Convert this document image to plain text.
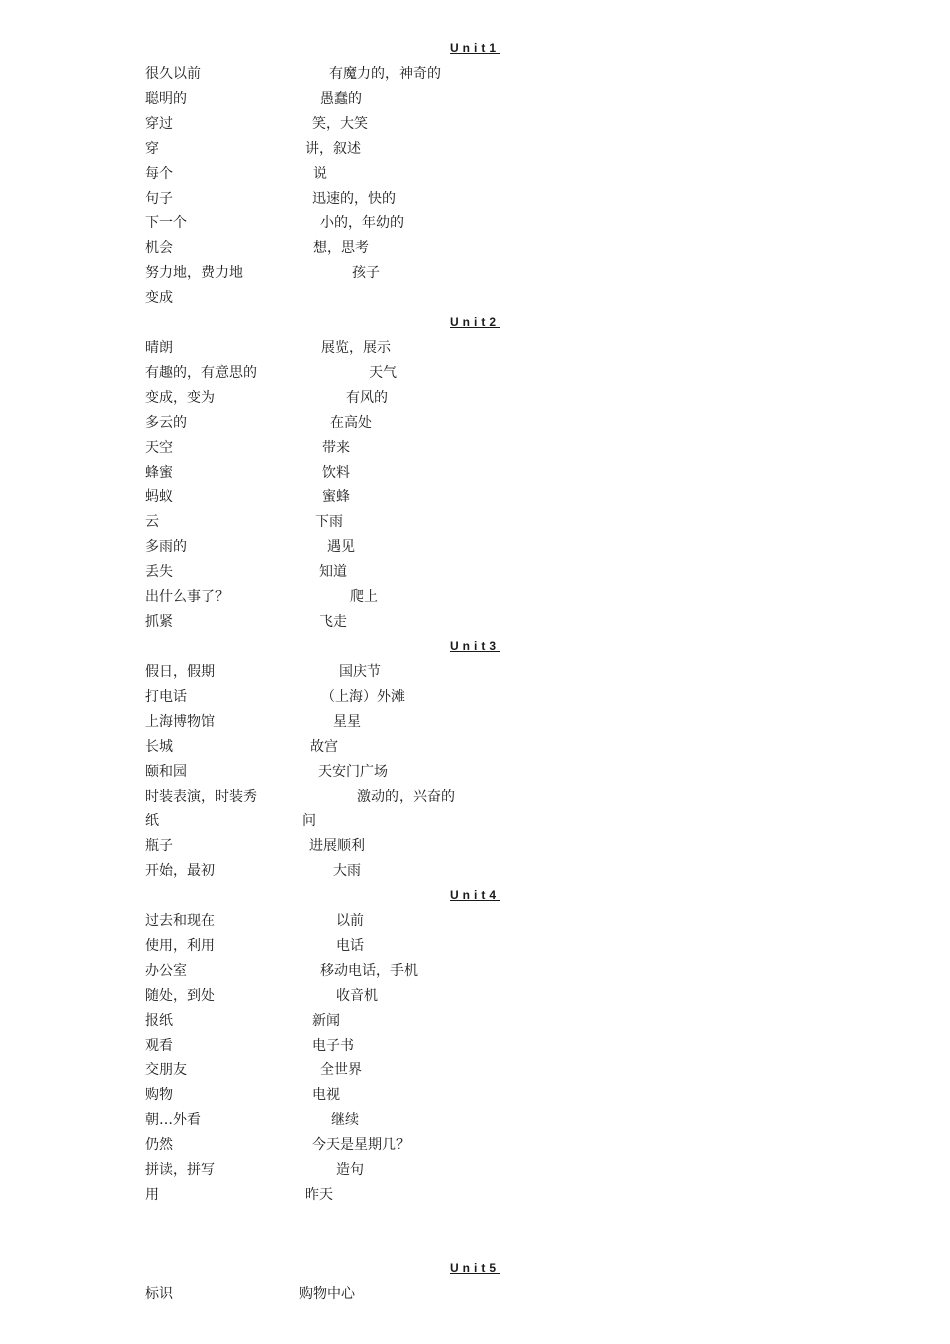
Unit1
很久以前	有魔力的，神奇的
聪明的	愚蠢的
穿过	笑，大笑
穿	讲，叙述
每个	说
句子	迅速的，快的
下一个	小的，年幼的
机会	想，思考
努力地，费力地	孩子
变成
Unit2
晴朗	展览，展示
有趣的，有意思的	天气
变成，变为	有风的
多云的	在高处
天空	带来
蜂蜜	饮料
蚂蚁	蜜蜂
云	下雨
多雨的	遇见
丢失	知道
出什么事了？	爬上
抓紧	飞走
Unit3
假日，假期	国庆节
打电话	（上海）外滩
上海博物馆	星星
长城	故宫
颐和园	天安门广场
时装表演，时装秀	激动的，兴奋的
纸	问
瓶子	进展顺利
开始，最初	大雨
Unit4
过去和现在	以前
使用，利用	电话
办公室	移动电话，手机
随处，到处	收音机
报纸	新闻
观看	电子书
交朋友	全世界
购物	电视
朝…外看	继续
仍然	今天是星期几？
拼读，拼写	造句
用	昨天
Unit5
标识	购物中心
